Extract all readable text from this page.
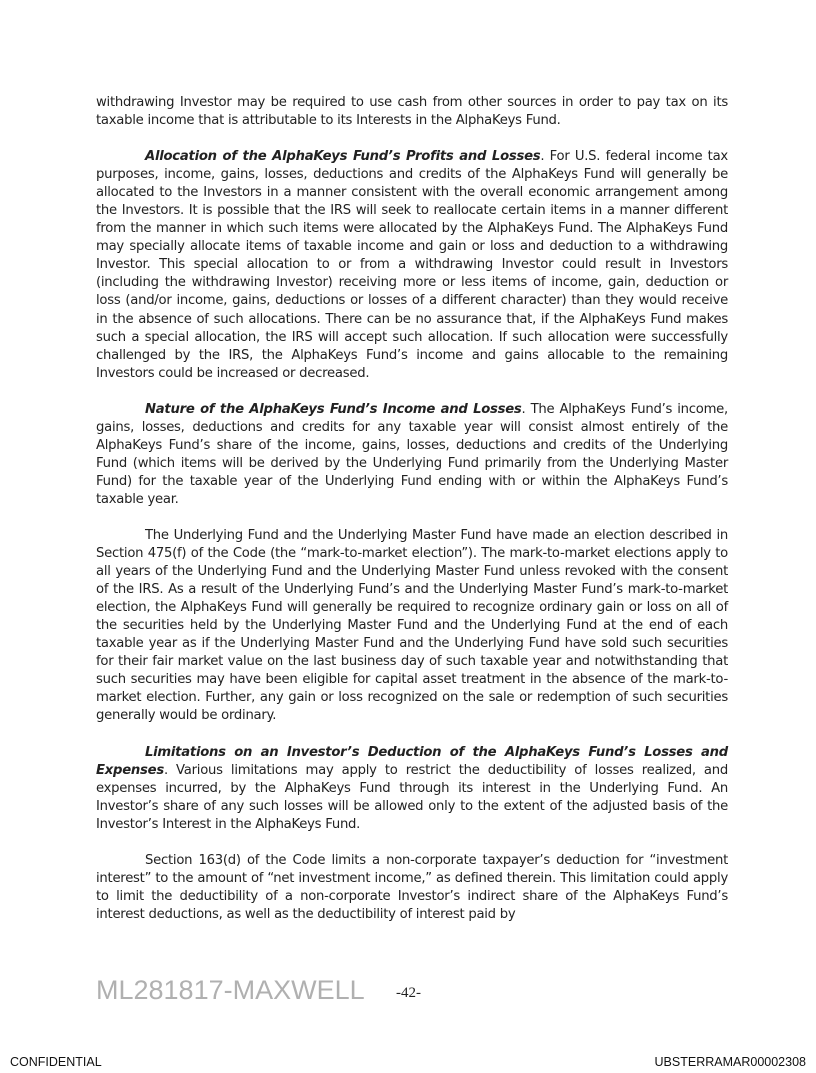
withdrawing Investor may be required to use cash from other sources in order to pay tax on its taxable income that is attributable to its Interests in the AlphaKeys Fund.

Allocation of the AlphaKeys Fund’s Profits and Losses. For U.S. federal income tax purposes, income, gains, losses, deductions and credits of the AlphaKeys Fund will generally be allocated to the Investors in a manner consistent with the overall economic arrangement among the Investors. It is possible that the IRS will seek to reallocate certain items in a manner different from the manner in which such items were allocated by the AlphaKeys Fund. The AlphaKeys Fund may specially allocate items of taxable income and gain or loss and deduction to a withdrawing Investor. This special allocation to or from a withdrawing Investor could result in Investors (including the withdrawing Investor) receiving more or less items of income, gain, deduction or loss (and/or income, gains, deductions or losses of a different character) than they would receive in the absence of such allocations. There can be no assurance that, if the AlphaKeys Fund makes such a special allocation, the IRS will accept such allocation. If such allocation were successfully challenged by the IRS, the AlphaKeys Fund’s income and gains allocable to the remaining Investors could be increased or decreased.

Nature of the AlphaKeys Fund’s Income and Losses. The AlphaKeys Fund’s income, gains, losses, deductions and credits for any taxable year will consist almost entirely of the AlphaKeys Fund’s share of the income, gains, losses, deductions and credits of the Underlying Fund (which items will be derived by the Underlying Fund primarily from the Underlying Master Fund) for the taxable year of the Underlying Fund ending with or within the AlphaKeys Fund’s taxable year.

The Underlying Fund and the Underlying Master Fund have made an election described in Section 475(f) of the Code (the “mark-to-market election”). The mark-to-market elections apply to all years of the Underlying Fund and the Underlying Master Fund unless revoked with the consent of the IRS. As a result of the Underlying Fund’s and the Underlying Master Fund’s mark-to-market election, the AlphaKeys Fund will generally be required to recognize ordinary gain or loss on all of the securities held by the Underlying Master Fund and the Underlying Fund at the end of each taxable year as if the Underlying Master Fund and the Underlying Fund have sold such securities for their fair market value on the last business day of such taxable year and notwithstanding that such securities may have been eligible for capital asset treatment in the absence of the mark-to-market election. Further, any gain or loss recognized on the sale or redemption of such securities generally would be ordinary.

Limitations on an Investor’s Deduction of the AlphaKeys Fund’s Losses and Expenses. Various limitations may apply to restrict the deductibility of losses realized, and expenses incurred, by the AlphaKeys Fund through its interest in the Underlying Fund. An Investor’s share of any such losses will be allowed only to the extent of the adjusted basis of the Investor’s Interest in the AlphaKeys Fund.

Section 163(d) of the Code limits a non-corporate taxpayer’s deduction for “investment interest” to the amount of “net investment income,” as defined therein. This limitation could apply to limit the deductibility of a non-corporate Investor’s indirect share of the AlphaKeys Fund’s interest deductions, as well as the deductibility of interest paid by

ML281817-MAXWELL -42-
CONFIDENTIAL	UBSTERRAMAR00002308
